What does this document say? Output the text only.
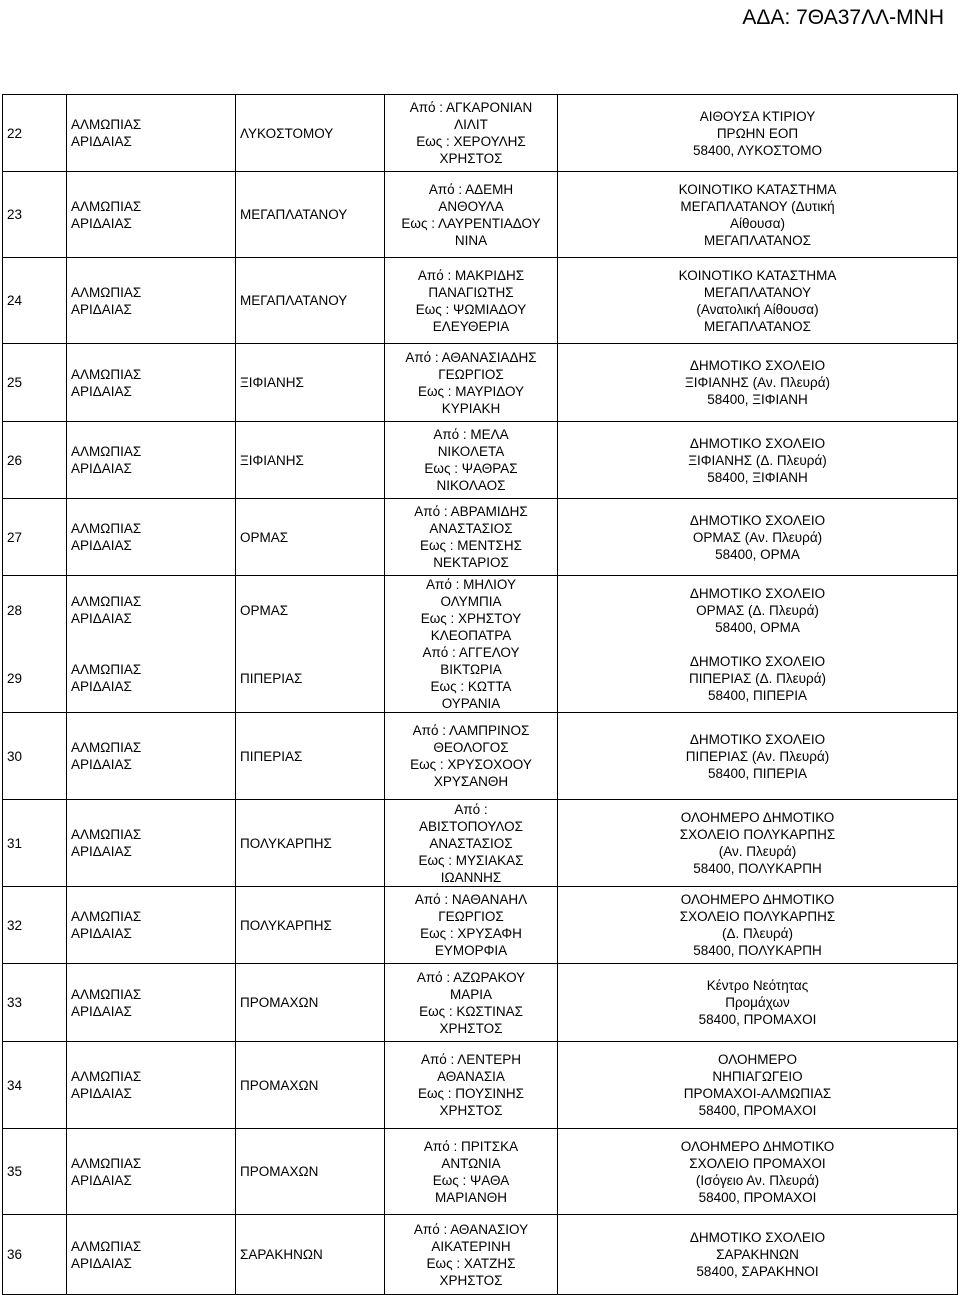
ΑΔΑ: 7ΘΑ37ΛΛ-ΜΝΗ
22	ΑΛΜΩΠΙΑΣ
ΑΡΙΔΑΙΑΣ	ΛΥΚΟΣΤΟΜΟΥ	Από : ΑΓΚΑΡΟΝΙΑΝ
ΛΙΛΙΤ
Εως : ΧΕΡΟΥΛΗΣ
ΧΡΗΣΤΟΣ	ΑΙΘΟΥΣΑ ΚΤΙΡΙΟΥ
ΠΡΩΗΝ ΕΟΠ
58400, ΛΥΚΟΣΤΟΜΟ

23	ΑΛΜΩΠΙΑΣ
ΑΡΙΔΑΙΑΣ	ΜΕΓΑΠΛΑΤΑΝΟΥ	Από : ΑΔΕΜΗ
ΑΝΘΟΥΛΑ
Εως : ΛΑΥΡΕΝΤΙΑΔΟΥ
ΝΙΝΑ	ΚΟΙΝΟΤΙΚΟ ΚΑΤΑΣΤΗΜΑ
ΜΕΓΑΠΛΑΤΑΝΟΥ (Δυτική
Αίθουσα)
ΜΕΓΑΠΛΑΤΑΝΟΣ

24	ΑΛΜΩΠΙΑΣ
ΑΡΙΔΑΙΑΣ	ΜΕΓΑΠΛΑΤΑΝΟΥ	Από : ΜΑΚΡΙΔΗΣ
ΠΑΝΑΓΙΩΤΗΣ
Εως : ΨΩΜΙΑΔΟΥ
ΕΛΕΥΘΕΡΙΑ	ΚΟΙΝΟΤΙΚΟ ΚΑΤΑΣΤΗΜΑ
ΜΕΓΑΠΛΑΤΑΝΟΥ
(Ανατολική Αίθουσα)
ΜΕΓΑΠΛΑΤΑΝΟΣ

25	ΑΛΜΩΠΙΑΣ
ΑΡΙΔΑΙΑΣ	ΞΙΦΙΑΝΗΣ	Από : ΑΘΑΝΑΣΙΑΔΗΣ
ΓΕΩΡΓΙΟΣ
Εως : ΜΑΥΡΙΔΟΥ
ΚΥΡΙΑΚΗ	ΔΗΜΟΤΙΚΟ ΣΧΟΛΕΙΟ
ΞΙΦΙΑΝΗΣ (Αν. Πλευρά)
58400, ΞΙΦΙΑΝΗ

26	ΑΛΜΩΠΙΑΣ
ΑΡΙΔΑΙΑΣ	ΞΙΦΙΑΝΗΣ	Από : ΜΕΛΑ
ΝΙΚΟΛΕΤΑ
Εως : ΨΑΘΡΑΣ
ΝΙΚΟΛΑΟΣ	ΔΗΜΟΤΙΚΟ ΣΧΟΛΕΙΟ
ΞΙΦΙΑΝΗΣ (Δ. Πλευρά)
58400, ΞΙΦΙΑΝΗ

27	ΑΛΜΩΠΙΑΣ
ΑΡΙΔΑΙΑΣ	ΟΡΜΑΣ	Από : ΑΒΡΑΜΙΔΗΣ
ΑΝΑΣΤΑΣΙΟΣ
Εως : ΜΕΝΤΣΗΣ
ΝΕΚΤΑΡΙΟΣ	ΔΗΜΟΤΙΚΟ ΣΧΟΛΕΙΟ
ΟΡΜΑΣ (Αν. Πλευρά)
58400, ΟΡΜΑ

28	ΑΛΜΩΠΙΑΣ
ΑΡΙΔΑΙΑΣ	ΟΡΜΑΣ	Από : ΜΗΛΙΟΥ
ΟΛΥΜΠΙΑ
Εως : ΧΡΗΣΤΟΥ
ΚΛΕΟΠΑΤΡΑ	ΔΗΜΟΤΙΚΟ ΣΧΟΛΕΙΟ
ΟΡΜΑΣ (Δ. Πλευρά)
58400, ΟΡΜΑ

29	ΑΛΜΩΠΙΑΣ
ΑΡΙΔΑΙΑΣ	ΠΙΠΕΡΙΑΣ	Από : ΑΓΓΕΛΟΥ
ΒΙΚΤΩΡΙΑ
Εως : ΚΩΤΤΑ
ΟΥΡΑΝΙΑ	ΔΗΜΟΤΙΚΟ ΣΧΟΛΕΙΟ
ΠΙΠΕΡΙΑΣ (Δ. Πλευρά)
58400, ΠΙΠΕΡΙΑ

30	ΑΛΜΩΠΙΑΣ
ΑΡΙΔΑΙΑΣ	ΠΙΠΕΡΙΑΣ	Από : ΛΑΜΠΡΙΝΟΣ
ΘΕΟΛΟΓΟΣ
Εως : ΧΡΥΣΟΧΟΟΥ
ΧΡΥΣΑΝΘΗ	ΔΗΜΟΤΙΚΟ ΣΧΟΛΕΙΟ
ΠΙΠΕΡΙΑΣ (Αν. Πλευρά)
58400, ΠΙΠΕΡΙΑ

31	ΑΛΜΩΠΙΑΣ
ΑΡΙΔΑΙΑΣ	ΠΟΛΥΚΑΡΠΗΣ	Από :
ΑΒΙΣΤΟΠΟΥΛΟΣ
ΑΝΑΣΤΑΣΙΟΣ
Εως : ΜΥΣΙΑΚΑΣ
ΙΩΑΝΝΗΣ	ΟΛΟΗΜΕΡΟ ΔΗΜΟΤΙΚΟ
ΣΧΟΛΕΙΟ ΠΟΛΥΚΑΡΠΗΣ
(Αν. Πλευρά)
58400, ΠΟΛΥΚΑΡΠΗ

32	ΑΛΜΩΠΙΑΣ
ΑΡΙΔΑΙΑΣ	ΠΟΛΥΚΑΡΠΗΣ	Από : ΝΑΘΑΝΑΗΛ
ΓΕΩΡΓΙΟΣ
Εως : ΧΡΥΣΑΦΗ
ΕΥΜΟΡΦΙΑ	ΟΛΟΗΜΕΡΟ ΔΗΜΟΤΙΚΟ
ΣΧΟΛΕΙΟ ΠΟΛΥΚΑΡΠΗΣ
(Δ. Πλευρά)
58400, ΠΟΛΥΚΑΡΠΗ

33	ΑΛΜΩΠΙΑΣ
ΑΡΙΔΑΙΑΣ	ΠΡΟΜΑΧΩΝ	Από : ΑΖΩΡΑΚΟΥ
ΜΑΡΙΑ
Εως : ΚΩΣΤΙΝΑΣ
ΧΡΗΣΤΟΣ	Κέντρο Νεότητας
Προμάχων
58400, ΠΡΟΜΑΧΟΙ

34	ΑΛΜΩΠΙΑΣ
ΑΡΙΔΑΙΑΣ	ΠΡΟΜΑΧΩΝ	Από : ΛΕΝΤΕΡΗ
ΑΘΑΝΑΣΙΑ
Εως : ΠΟΥΣΙΝΗΣ
ΧΡΗΣΤΟΣ	ΟΛΟΗΜΕΡΟ
ΝΗΠΙΑΓΩΓΕΙΟ
ΠΡΟΜΑΧΟΙ-ΑΛΜΩΠΙΑΣ
58400, ΠΡΟΜΑΧΟΙ

35	ΑΛΜΩΠΙΑΣ
ΑΡΙΔΑΙΑΣ	ΠΡΟΜΑΧΩΝ	Από : ΠΡΙΤΣΚΑ
ΑΝΤΩΝΙΑ
Εως : ΨΑΘΑ
ΜΑΡΙΑΝΘΗ	ΟΛΟΗΜΕΡΟ ΔΗΜΟΤΙΚΟ
ΣΧΟΛΕΙΟ ΠΡΟΜΑΧΟΙ
(Ισόγειο Αν. Πλευρά)
58400, ΠΡΟΜΑΧΟΙ

36	ΑΛΜΩΠΙΑΣ
ΑΡΙΔΑΙΑΣ	ΣΑΡΑΚΗΝΩΝ	Από : ΑΘΑΝΑΣΙΟΥ
ΑΙΚΑΤΕΡΙΝΗ
Εως : ΧΑΤΖΗΣ
ΧΡΗΣΤΟΣ	ΔΗΜΟΤΙΚΟ ΣΧΟΛΕΙΟ
ΣΑΡΑΚΗΝΩΝ
58400, ΣΑΡΑΚΗΝΟΙ
